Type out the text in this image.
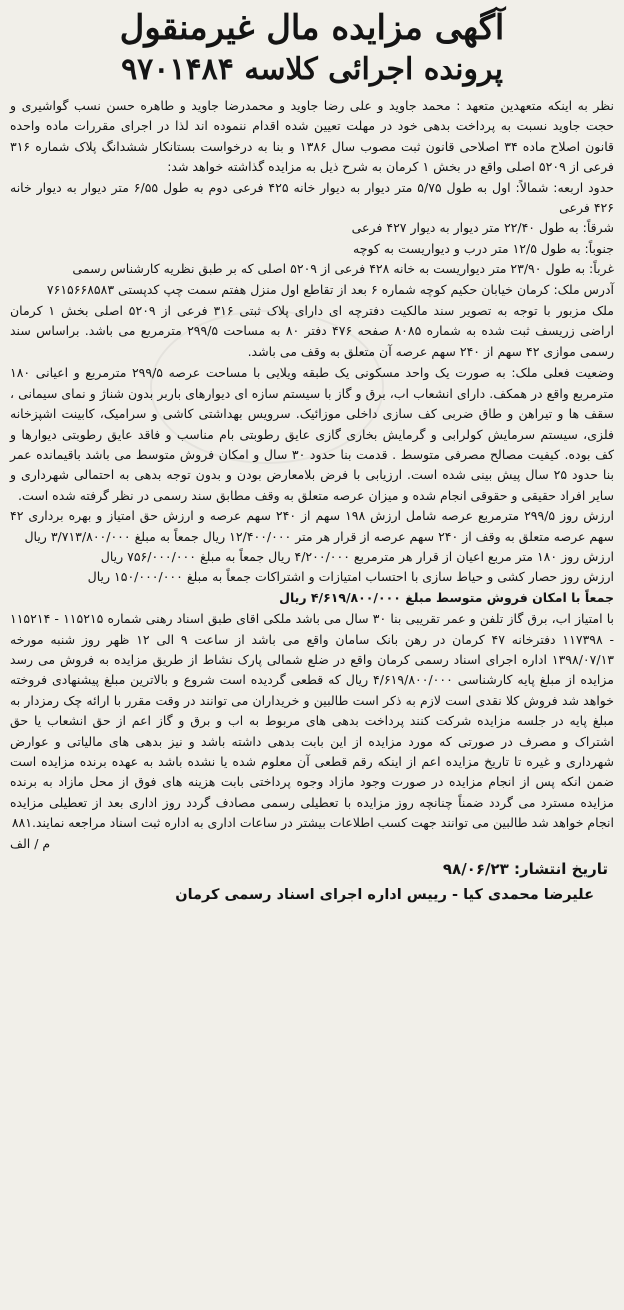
آگهی مزایده مال غیرمنقول
پرونده اجرائی کلاسه ۹۷۰۱۴۸۴

نظر به اینکه متعهدین متعهد : محمد جاوید و علی رضا جاوید و محمدرضا جاوید و طاهره حسن نسب گواشیری و حجت جاوید نسبت به پرداخت بدهی خود در مهلت تعیین شده اقدام ننموده اند لذا در اجرای مقررات ماده واحده قانون اصلاح ماده ۳۴ اصلاحی قانون ثبت مصوب سال ۱۳۸۶ و بنا به درخواست بستانکار ششدانگ پلاک شماره ۳۱۶ فرعی از ۵۲۰۹ اصلی واقع در بخش ۱ کرمان به شرح ذیل به مزایده گذاشته خواهد شد:

حدود اربعه: شمالاً: اول به طول ۵/۷۵ متر دیوار به دیوار خانه ۴۲۵ فرعی دوم به طول ۶/۵۵ متر دیوار به دیوار خانه ۴۲۶ فرعی

شرقاً: به طول ۲۲/۴۰ متر دیوار به دیوار ۴۲۷ فرعی

جنوباً: به طول ۱۲/۵ متر درب و دیواریست به کوچه

غرباً: به طول ۲۳/۹۰ متر دیواریست به خانه ۴۲۸ فرعی از ۵۲۰۹ اصلی که بر طبق نظریه کارشناس رسمی

آدرس ملک: کرمان خیابان حکیم کوچه شماره ۶ بعد از تقاطع اول منزل هفتم سمت چپ کدپستی ۷۶۱۵۶۶۸۵۸۳

ملک مزبور با توجه به تصویر سند مالکیت دفترچه ای دارای پلاک ثبتی ۳۱۶ فرعی از ۵۲۰۹ اصلی بخش ۱ کرمان اراضی زریسف ثبت شده به شماره ۸۰۸۵ صفحه ۴۷۶ دفتر ۸۰ به مساحت ۲۹۹/۵ مترمربع می باشد. براساس سند رسمی موازی ۴۲ سهم از ۲۴۰ سهم عرصه آن متعلق به وقف می باشد.

وضعیت فعلی ملک: به صورت یک واحد مسکونی یک طبقه ویلایی با مساحت عرصه ۲۹۹/۵ مترمربع و اعیانی ۱۸۰ مترمربع واقع در همکف. دارای انشعاب اب، برق و گاز با سیستم سازه ای دیوارهای باربر بدون شناژ و نمای سیمانی ، سقف ها و تیراهن و طاق ضربی کف سازی داخلی موزائیک. سرویس بهداشتی کاشی و سرامیک، کابینت اشپزخانه فلزی، سیستم سرمایش کولرابی و گرمایش بخاری گازی عایق رطوبتی بام مناسب و فاقد عایق رطوبتی دیوارها و کف بوده. کیفیت مصالح مصرفی متوسط . قدمت بنا حدود ۳۰ سال و امکان فروش متوسط می باشد باقیمانده عمر بنا حدود ۲۵ سال پیش بینی شده است. ارزیابی با فرض بلامعارض بودن و بدون توجه بدهی به احتمالی شهرداری و سایر افراد حقیقی و حقوقی انجام شده و میزان عرصه متعلق به وقف مطابق سند رسمی در نظر گرفته شده است.

ارزش روز ۲۹۹/۵ مترمربع عرصه شامل ارزش ۱۹۸ سهم از ۲۴۰ سهم عرصه و ارزش حق امتیاز و بهره برداری ۴۲ سهم عرصه متعلق به وقف از ۲۴۰ سهم عرصه از قرار هر متر ۱۲/۴۰۰/۰۰۰ ریال جمعاً به مبلغ ۳/۷۱۳/۸۰۰/۰۰۰ ریال

ارزش روز ۱۸۰ متر مربع اعیان از قرار هر مترمربع ۴/۲۰۰/۰۰۰ ریال جمعاً به مبلغ ۷۵۶/۰۰۰/۰۰۰ ریال

ارزش روز حصار کشی و حیاط سازی با احتساب امتیازات و اشتراکات جمعاً به مبلغ ۱۵۰/۰۰۰/۰۰۰ ریال

جمعاً با امکان فروش متوسط مبلغ ۴/۶۱۹/۸۰۰/۰۰۰ ریال

با امتیاز اب، برق گاز تلفن و عمر تقریبی بنا ۳۰ سال می باشد ملکی اقای طبق اسناد رهنی شماره ۱۱۵۲۱۵ - ۱۱۵۲۱۴ - ۱۱۷۳۹۸ دفترخانه ۴۷ کرمان در رهن بانک سامان واقع می باشد از ساعت ۹ الی ۱۲ ظهر روز شنبه مورخه ۱۳۹۸/۰۷/۱۳ اداره اجرای اسناد رسمی کرمان واقع در ضلع شمالی پارک نشاط از طریق مزایده به فروش می رسد مزایده از مبلغ پایه کارشناسی ۴/۶۱۹/۸۰۰/۰۰۰ ریال که قطعی گردیده است شروع و بالاترین مبلغ پیشنهادی فروخته خواهد شد فروش کلا نقدی است لازم به ذکر است طالبین و خریداران می توانند در وقت مقرر با ارائه چک رمزدار به مبلغ پایه در جلسه مزایده شرکت کنند پرداخت بدهی های مربوط به اب و برق و گاز اعم از حق انشعاب یا حق اشتراک و مصرف در صورتی که مورد مزایده از این بابت بدهی داشته باشد و نیز بدهی های مالیاتی و عوارض شهرداری و غیره تا تاریخ مزایده اعم از اینکه رقم قطعی آن معلوم شده یا نشده باشد به عهده برنده مزایده است ضمن انکه پس از انجام مزایده در صورت وجود مازاد وجوه پرداختی بابت هزینه های فوق از محل مازاد به برنده مزایده مسترد می گردد ضمناً چنانچه روز مزایده با تعطیلی رسمی مصادف گردد روز اداری بعد از تعطیلی مزایده انجام خواهد شد طالبین می توانند جهت کسب اطلاعات بیشتر در ساعات اداری به اداره ثبت اسناد مراجعه نمایند.۸۸۱

م / الف

تاریخ انتشار: ۹۸/۰۶/۲۳

علیرضا محمدی کیا - رییس اداره اجرای اسناد رسمی کرمان
